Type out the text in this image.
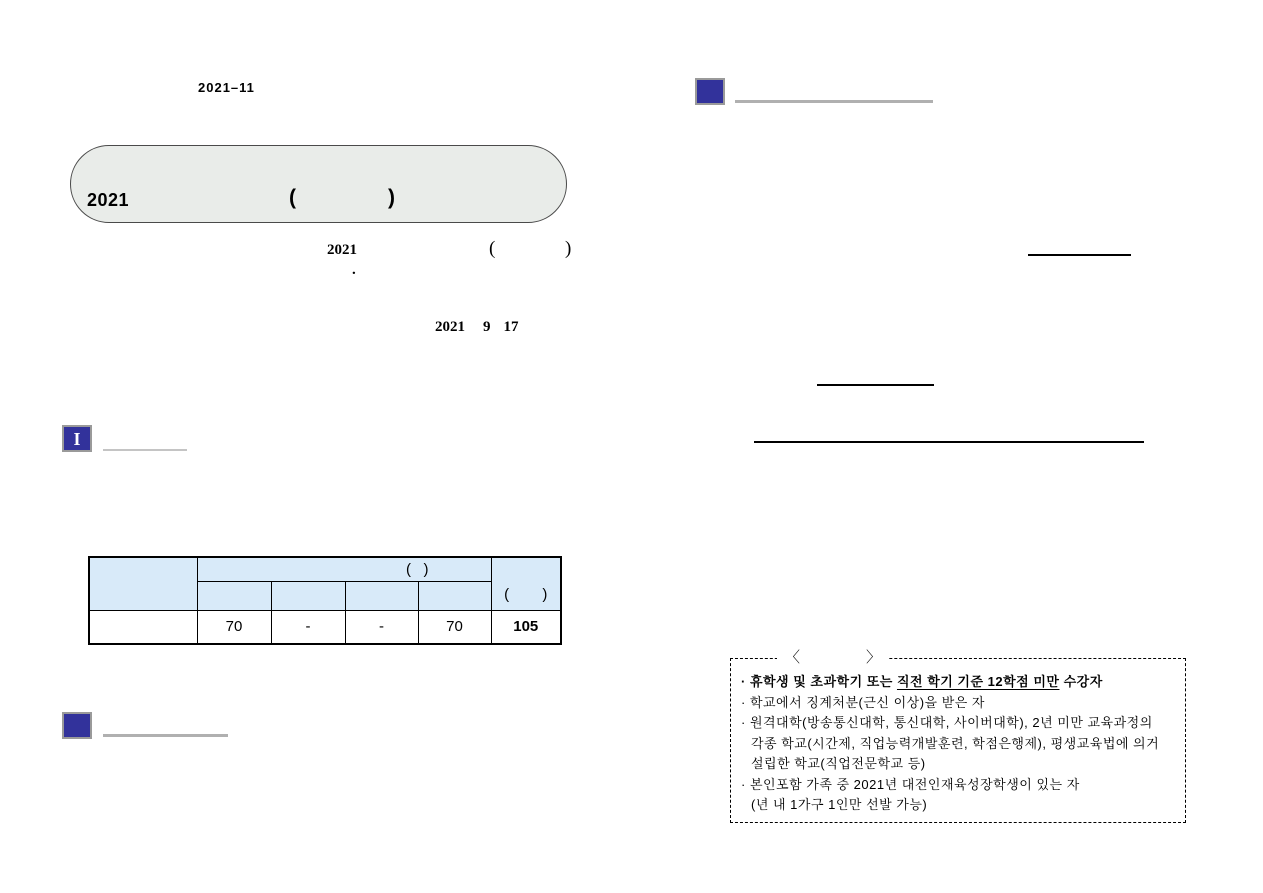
2021–11
2021	(	)
2021	(	)
.
2021 9 17
I
	(   )				(        )

	70	-	-	70	105
〈	〉
· 휴학생 및 초과학기 또는 직전 학기 기준 12학점 미만 수강자
· 학교에서 징계처분(근신 이상)을 받은 자
· 원격대학(방송통신대학, 통신대학, 사이버대학), 2년 미만 교육과정의
각종 학교(시간제, 직업능력개발훈련, 학점은행제), 평생교육법에 의거
설립한 학교(직업전문학교 등)
· 본인포함 가족 중 2021년 대전인재육성장학생이 있는 자
(년 내 1가구 1인만 선발 가능)
